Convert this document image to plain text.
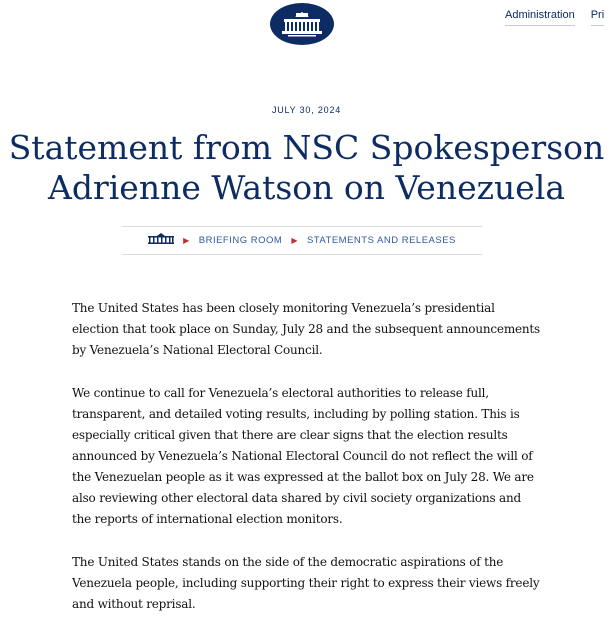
Administration Pri
JULY 30, 2024
Statement from NSC Spokesperson
Adrienne Watson on Venezuela
▶ BRIEFING ROOM ▶ STATEMENTS AND RELEASES

The United States has been closely monitoring Venezuela’s presidential election that took place on Sunday, July 28 and the subsequent announcements by Venezuela’s National Electoral Council.

We continue to call for Venezuela’s electoral authorities to release full, transparent, and detailed voting results, including by polling station. This is especially critical given that there are clear signs that the election results announced by Venezuela’s National Electoral Council do not reflect the will of the Venezuelan people as it was expressed at the ballot box on July 28. We are also reviewing other electoral data shared by civil society organizations and the reports of international election monitors.

The United States stands on the side of the democratic aspirations of the Venezuela people, including supporting their right to express their views freely and without reprisal.
